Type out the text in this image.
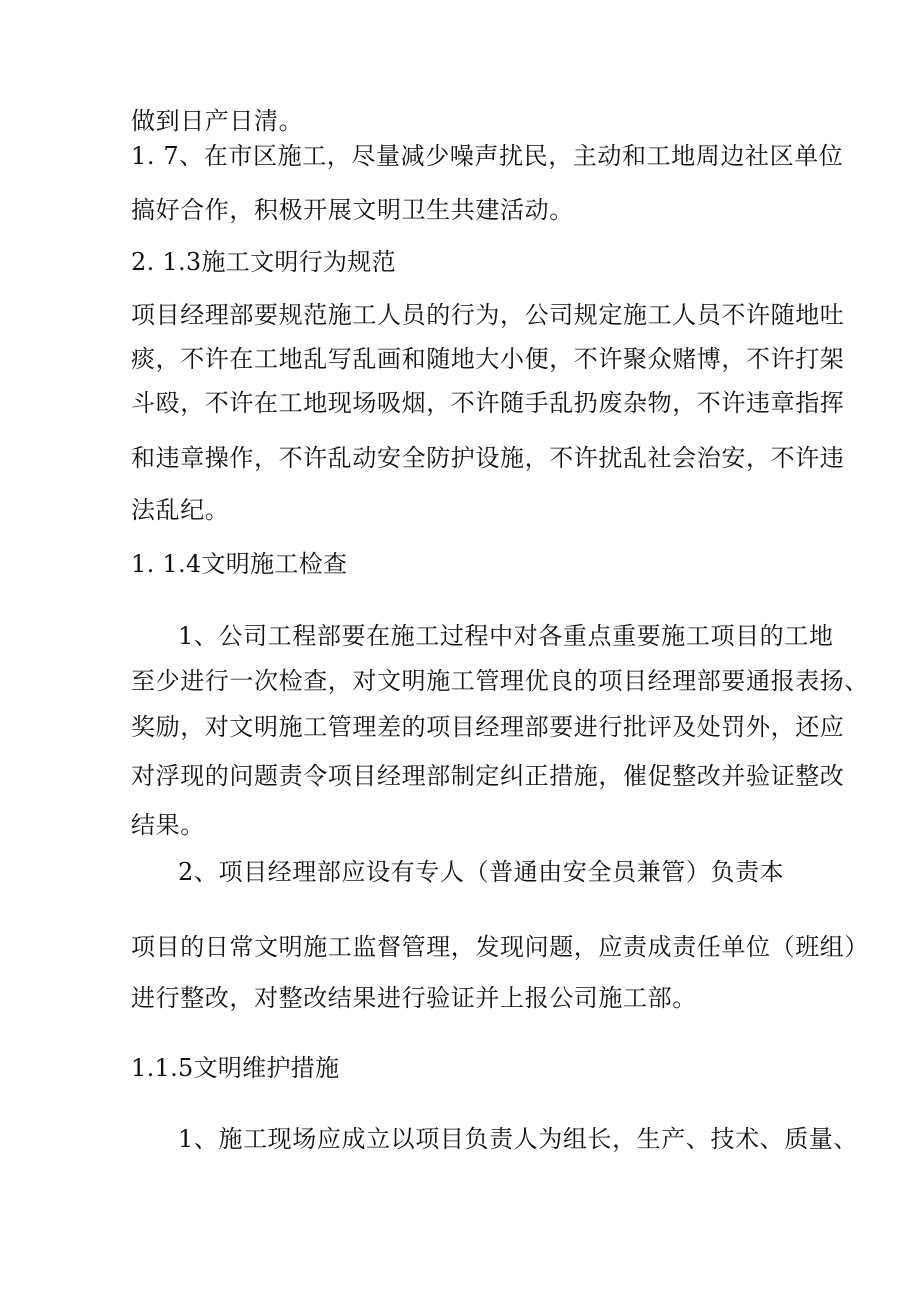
做到日产日清。

1. 7、在市区施工，尽量减少噪声扰民，主动和工地周边社区单位

搞好合作，积极开展文明卫生共建活动。

2. 1.3施工文明行为规范

项目经理部要规范施工人员的行为，公司规定施工人员不许随地吐

痰，不许在工地乱写乱画和随地大小便，不许聚众赌博，不许打架

斗殴，不许在工地现场吸烟，不许随手乱扔废杂物，不许违章指挥

和违章操作，不许乱动安全防护设施，不许扰乱社会治安，不许违

法乱纪。

1. 1.4文明施工检查

1、公司工程部要在施工过程中对各重点重要施工项目的工地

至少进行一次检查，对文明施工管理优良的项目经理部要通报表扬、

奖励，对文明施工管理差的项目经理部要进行批评及处罚外，还应

对浮现的问题责令项目经理部制定纠正措施，催促整改并验证整改

结果。

2、项目经理部应设有专人（普通由安全员兼管）负责本

项目的日常文明施工监督管理，发现问题，应责成责任单位（班组）

进行整改，对整改结果进行验证并上报公司施工部。

1.1.5文明维护措施

1、施工现场应成立以项目负责人为组长，生产、技术、质量、
